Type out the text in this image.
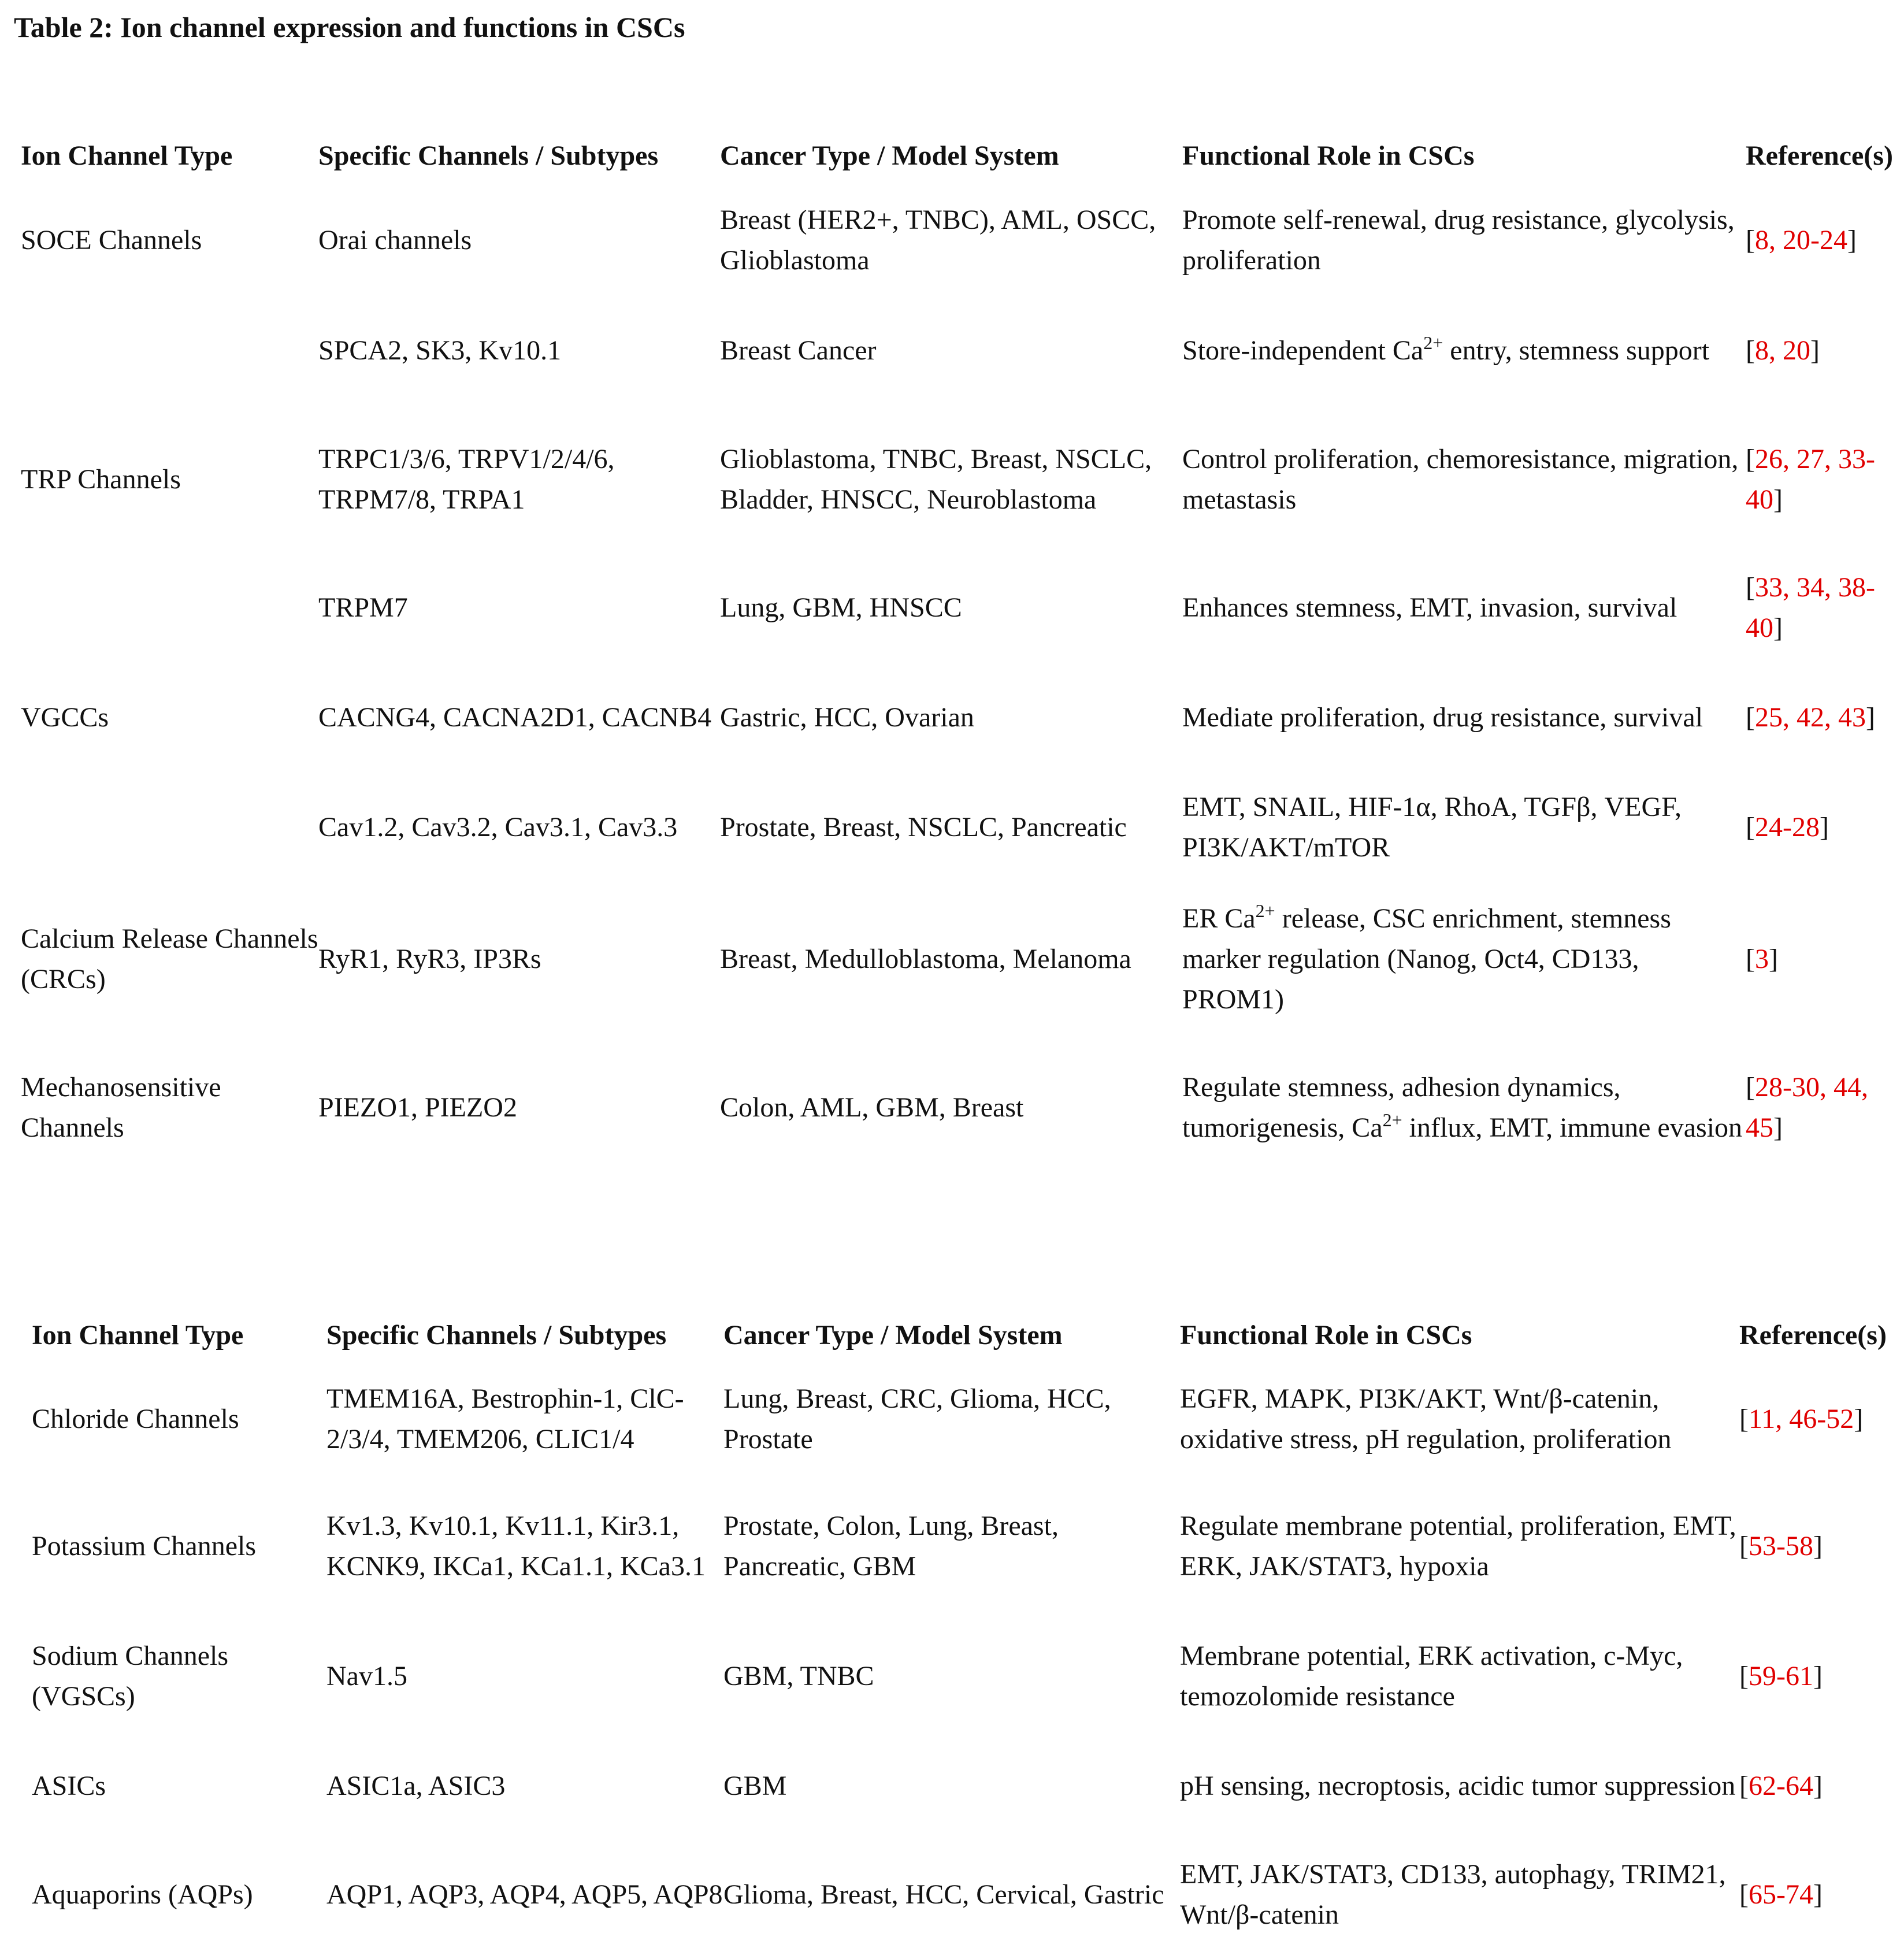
Table 2: Ion channel expression and functions in CSCs
Ion Channel Type	Specific Channels / Subtypes	Cancer Type / Model System	Functional Role in CSCs	Reference(s)
SOCE Channels	Orai channels	Breast (HER2+, TNBC), AML, OSCC, Glioblastoma	Promote self-renewal, drug resistance, glycolysis, proliferation	[8, 20-24]
	SPCA2, SK3, Kv10.1	Breast Cancer	Store-independent $Ca^{2+}$ entry, stemness support	[8, 20]
TRP Channels	TRPC1/3/6, TRPV1/2/4/6, TRPM7/8, TRPA1	Glioblastoma, TNBC, Breast, NSCLC, Bladder, HNSCC, Neuroblastoma	Control proliferation, chemoresistance, migration, metastasis	[26, 27, 33-40]
	TRPM7	Lung, GBM, HNSCC	Enhances stemness, EMT, invasion, survival	[33, 34, 38-40]
VGCCs	CACNG4, CACNA2D1, CACNB4	Gastric, HCC, Ovarian	Mediate proliferation, drug resistance, survival	[25, 42, 43]
	Cav1.2, Cav3.2, Cav3.1, Cav3.3	Prostate, Breast, NSCLC, Pancreatic	EMT, SNAIL, HIF-1α, RhoA, TGFβ, VEGF, PI3K/AKT/mTOR	[24-28]
Calcium Release Channels (CRCs)	RyR1, RyR3, IP3Rs	Breast, Medulloblastoma, Melanoma	ER $Ca^{2+}$ release, CSC enrichment, stemness marker regulation (Nanog, Oct4, CD133, PROM1)	[3]
Mechanosensitive Channels	PIEZO1, PIEZO2	Colon, AML, GBM, Breast	Regulate stemness, adhesion dynamics, tumorigenesis, $Ca^{2+}$ influx, EMT, immune evasion	[28-30, 44, 45]
Ion Channel Type	Specific Channels / Subtypes	Cancer Type / Model System	Functional Role in CSCs	Reference(s)
Chloride Channels	TMEM16A, Bestrophin-1, ClC-2/3/4, TMEM206, CLIC1/4	Lung, Breast, CRC, Glioma, HCC, Prostate	EGFR, MAPK, PI3K/AKT, Wnt/β-catenin, oxidative stress, pH regulation, proliferation	[11, 46-52]
Potassium Channels	Kv1.3, Kv10.1, Kv11.1, Kir3.1, KCNK9, IKCa1, KCa1.1, KCa3.1	Prostate, Colon, Lung, Breast, Pancreatic, GBM	Regulate membrane potential, proliferation, EMT, ERK, JAK/STAT3, hypoxia	[53-58]
Sodium Channels (VGSCs)	Nav1.5	GBM, TNBC	Membrane potential, ERK activation, c-Myc, temozolomide resistance	[59-61]
ASICs	ASIC1a, ASIC3	GBM	pH sensing, necroptosis, acidic tumor suppression	[62-64]
Aquaporins (AQPs)	AQP1, AQP3, AQP4, AQP5, AQP8	Glioma, Breast, HCC, Cervical, Gastric	EMT, JAK/STAT3, CD133, autophagy, TRIM21, Wnt/β-catenin	[65-74]
